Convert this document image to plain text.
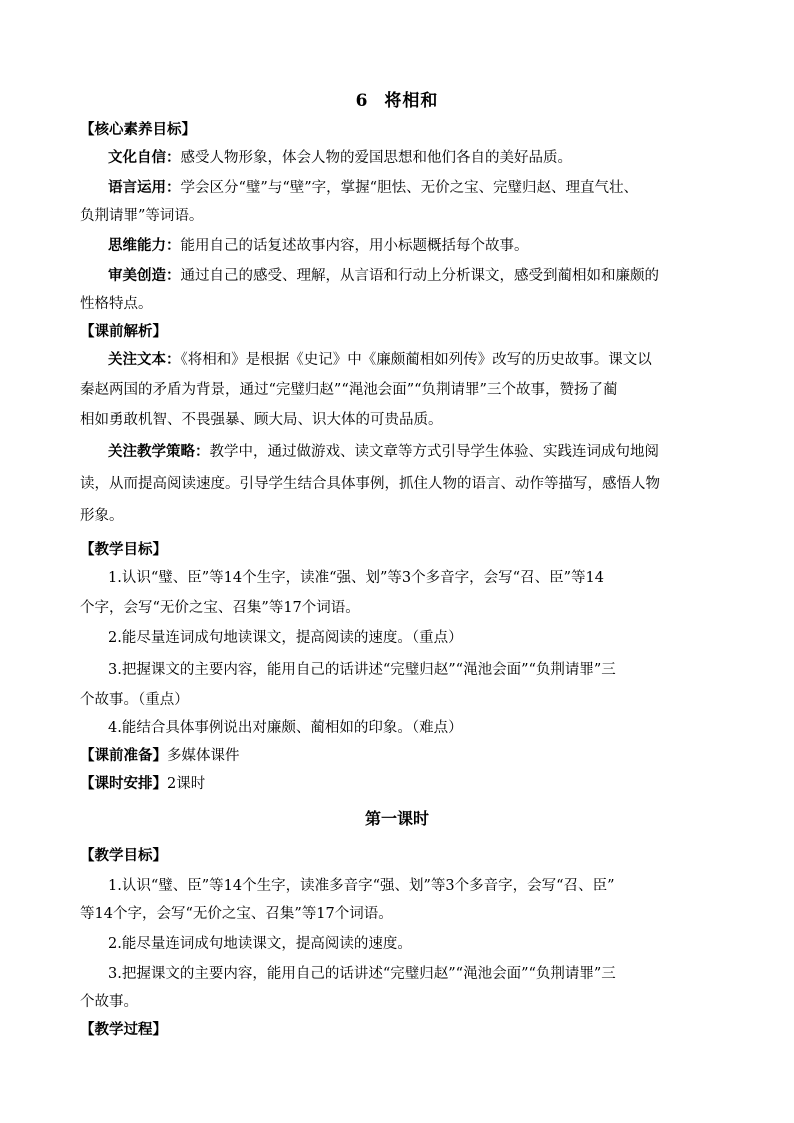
6 将相和
【核心素养目标】
文化自信：感受人物形象，体会人物的爱国思想和他们各自的美好品质。
语言运用：学会区分“璧”与“壁”字，掌握“胆怯、无价之宝、完璧归赵、理直气壮、
负荆请罪”等词语。
思维能力：能用自己的话复述故事内容，用小标题概括每个故事。
审美创造：通过自己的感受、理解，从言语和行动上分析课文，感受到蔺相如和廉颇的
性格特点。
【课前解析】
关注文本：《将相和》是根据《史记》中《廉颇蔺相如列传》改写的历史故事。课文以
秦赵两国的矛盾为背景，通过“完璧归赵”“渑池会面”“负荆请罪”三个故事，赞扬了蔺
相如勇敢机智、不畏强暴、顾大局、识大体的可贵品质。
关注教学策略：教学中，通过做游戏、读文章等方式引导学生体验、实践连词成句地阅
读，从而提高阅读速度。引导学生结合具体事例，抓住人物的语言、动作等描写，感悟人物
形象。
【教学目标】
1.认识“璧、臣”等14个生字，读准“强、划”等3个多音字，会写“召、臣”等14
个字，会写“无价之宝、召集”等17个词语。
2.能尽量连词成句地读课文，提高阅读的速度。（重点）
3.把握课文的主要内容，能用自己的话讲述“完璧归赵”“渑池会面”“负荆请罪”三
个故事。（重点）
4.能结合具体事例说出对廉颇、蔺相如的印象。（难点）
【课前准备】多媒体课件
【课时安排】2课时
第一课时
【教学目标】
1.认识“璧、臣”等14个生字，读准多音字“强、划”等3个多音字，会写“召、臣”
等14个字，会写“无价之宝、召集”等17个词语。
2.能尽量连词成句地读课文，提高阅读的速度。
3.把握课文的主要内容，能用自己的话讲述“完璧归赵”“渑池会面”“负荆请罪”三
个故事。
【教学过程】
